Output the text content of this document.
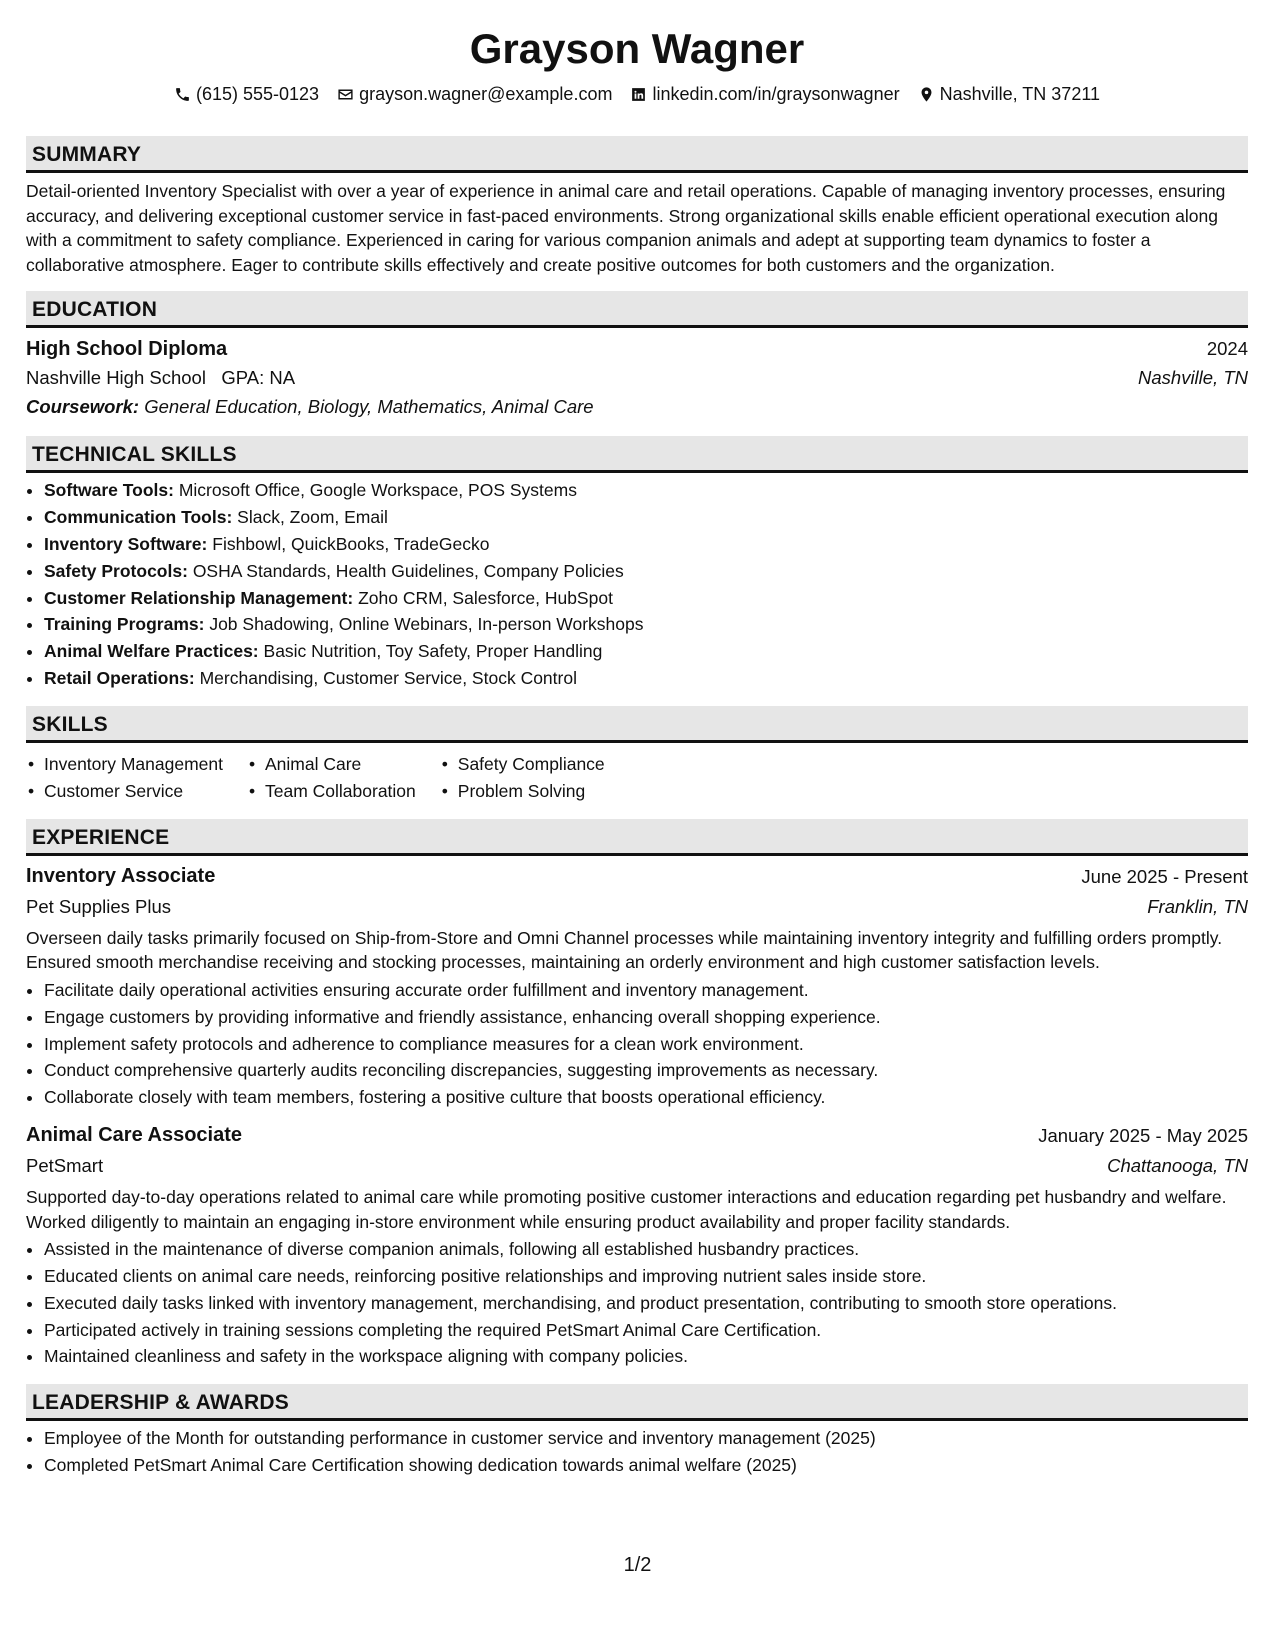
Grayson Wagner
(615) 555-0123 grayson.wagner@example.com linkedin.com/in/graysonwagner Nashville, TN 37211
SUMMARY

Detail-oriented Inventory Specialist with over a year of experience in animal care and retail operations. Capable of managing inventory processes, ensuring accuracy, and delivering exceptional customer service in fast-paced environments. Strong organizational skills enable efficient operational execution along with a commitment to safety compliance. Experienced in caring for various companion animals and adept at supporting team dynamics to foster a collaborative atmosphere. Eager to contribute skills effectively and create positive outcomes for both customers and the organization.

EDUCATION
High School Diploma	2024
Nashville High School GPA: NA	Nashville, TN
Coursework: General Education, Biology, Mathematics, Animal Care
TECHNICAL SKILLS
• Software Tools: Microsoft Office, Google Workspace, POS Systems
• Communication Tools: Slack, Zoom, Email
• Inventory Software: Fishbowl, QuickBooks, TradeGecko
• Safety Protocols: OSHA Standards, Health Guidelines, Company Policies
• Customer Relationship Management: Zoho CRM, Salesforce, HubSpot
• Training Programs: Job Shadowing, Online Webinars, In-person Workshops
• Animal Welfare Practices: Basic Nutrition, Toy Safety, Proper Handling
• Retail Operations: Merchandising, Customer Service, Stock Control
SKILLS
• Inventory Management
• Customer Service
• Animal Care
• Team Collaboration
• Safety Compliance
• Problem Solving
EXPERIENCE
Inventory Associate	June 2025 - Present
Pet Supplies Plus	Franklin, TN

Overseen daily tasks primarily focused on Ship-from-Store and Omni Channel processes while maintaining inventory integrity and fulfilling orders promptly. Ensured smooth merchandise receiving and stocking processes, maintaining an orderly environment and high customer satisfaction levels.

• Facilitate daily operational activities ensuring accurate order fulfillment and inventory management.
• Engage customers by providing informative and friendly assistance, enhancing overall shopping experience.
• Implement safety protocols and adherence to compliance measures for a clean work environment.
• Conduct comprehensive quarterly audits reconciling discrepancies, suggesting improvements as necessary.
• Collaborate closely with team members, fostering a positive culture that boosts operational efficiency.
Animal Care Associate	January 2025 - May 2025
PetSmart	Chattanooga, TN

Supported day-to-day operations related to animal care while promoting positive customer interactions and education regarding pet husbandry and welfare. Worked diligently to maintain an engaging in-store environment while ensuring product availability and proper facility standards.

• Assisted in the maintenance of diverse companion animals, following all established husbandry practices.
• Educated clients on animal care needs, reinforcing positive relationships and improving nutrient sales inside store.
• Executed daily tasks linked with inventory management, merchandising, and product presentation, contributing to smooth store operations.
• Participated actively in training sessions completing the required PetSmart Animal Care Certification.
• Maintained cleanliness and safety in the workspace aligning with company policies.
LEADERSHIP & AWARDS
• Employee of the Month for outstanding performance in customer service and inventory management (2025)
• Completed PetSmart Animal Care Certification showing dedication towards animal welfare (2025)
1/2
